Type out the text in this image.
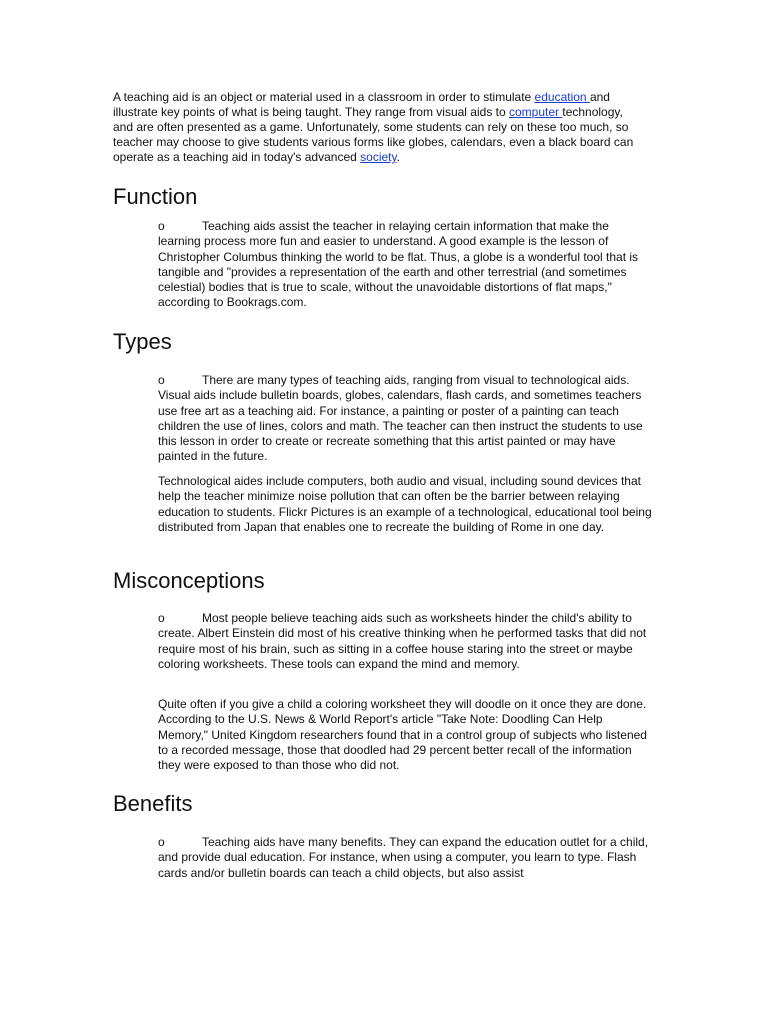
A teaching aid is an object or material used in a classroom in order to stimulate education and illustrate key points of what is being taught. They range from visual aids to computer technology, and are often presented as a game. Unfortunately, some students can rely on these too much, so teacher may choose to give students various forms like globes, calendars, even a black board can operate as a teaching aid in today's advanced society.

Function

o	Teaching aids assist the teacher in relaying certain information that make the learning process more fun and easier to understand. A good example is the lesson of Christopher Columbus thinking the world to be flat. Thus, a globe is a wonderful tool that is tangible and "provides a representation of the earth and other terrestrial (and sometimes celestial) bodies that is true to scale, without the unavoidable distortions of flat maps," according to Bookrags.com.

Types

o	There are many types of teaching aids, ranging from visual to technological aids. Visual aids include bulletin boards, globes, calendars, flash cards, and sometimes teachers use free art as a teaching aid. For instance, a painting or poster of a painting can teach children the use of lines, colors and math. The teacher can then instruct the students to use this lesson in order to create or recreate something that this artist painted or may have painted in the future.

Technological aides include computers, both audio and visual, including sound devices that help the teacher minimize noise pollution that can often be the barrier between relaying education to students. Flickr Pictures is an example of a technological, educational tool being distributed from Japan that enables one to recreate the building of Rome in one day.

Misconceptions

o	Most people believe teaching aids such as worksheets hinder the child's ability to create. Albert Einstein did most of his creative thinking when he performed tasks that did not require most of his brain, such as sitting in a coffee house staring into the street or maybe coloring worksheets. These tools can expand the mind and memory.

Quite often if you give a child a coloring worksheet they will doodle on it once they are done. According to the U.S. News & World Report's article "Take Note: Doodling Can Help Memory," United Kingdom researchers found that in a control group of subjects who listened to a recorded message, those that doodled had 29 percent better recall of the information they were exposed to than those who did not.

Benefits

o	Teaching aids have many benefits. They can expand the education outlet for a child, and provide dual education. For instance, when using a computer, you learn to type. Flash cards and/or bulletin boards can teach a child objects, but also assist
